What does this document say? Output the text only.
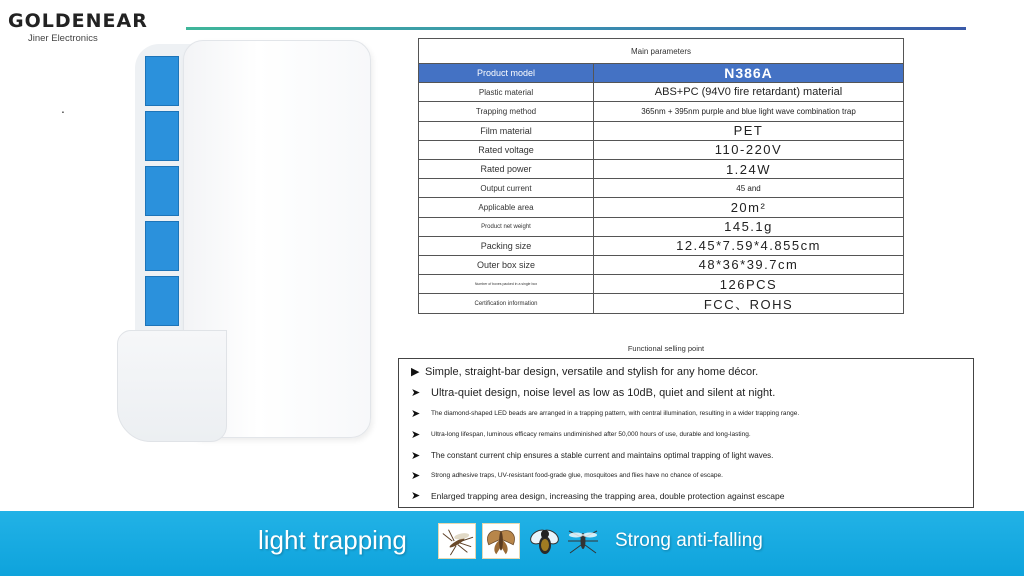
GOLDENEAR
Jiner Electronics
.
Main parameters	
Product model	N386A
Plastic material	ABS+PC (94V0 fire retardant) material
Trapping method	365nm + 395nm purple and blue light wave combination trap
Film material	PET
Rated voltage	110-220V
Rated power	1.24W
Output current	45 and
Applicable area	20m²
Product net weight	145.1g
Packing size	12.45*7.59*4.855cm
Outer box size	48*36*39.7cm
Number of boxes packed in a single box	126PCS
Certification information	FCC、ROHS
Functional selling point
▶ Simple, straight-bar design, versatile and stylish for any home décor.
➤ Ultra-quiet design, noise level as low as 10dB, quiet and silent at night.
➤	The diamond-shaped LED beads are arranged in a trapping pattern, with central illumination, resulting in a wider trapping range.
➤	Ultra-long lifespan, luminous efficacy remains undiminished after 50,000 hours of use, durable and long-lasting.
➤	The constant current chip ensures a stable current and maintains optimal trapping of light waves.
➤	Strong adhesive traps, UV-resistant food-grade glue, mosquitoes and flies have no chance of escape.
➤	Enlarged trapping area design, increasing the trapping area, double protection against escape
light trapping	Strong anti-falling
